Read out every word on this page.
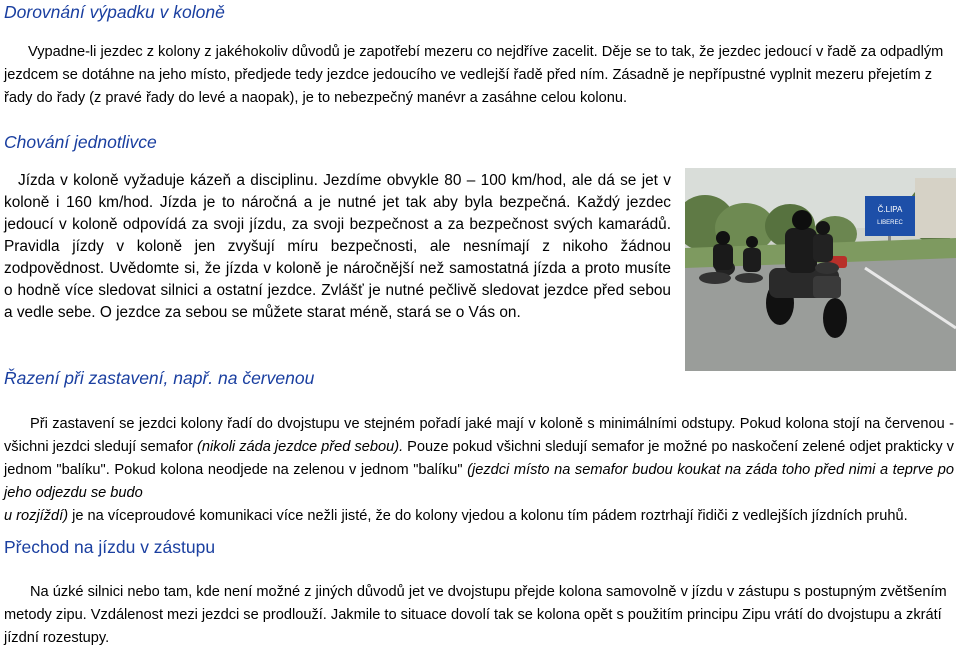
Dorovnání výpadku v koloně

Vypadne-li jezdec z kolony z jakéhokoliv důvodů je zapotřebí mezeru co nejdříve zacelit. Děje se to tak, že jezdec jedoucí v řadě za odpadlým jezdcem se dotáhne na jeho místo, předjede tedy jezdce jedoucího ve vedlejší řadě před ním. Zásadně je nepřípustné vyplnit mezeru přejetím z řady do řady (z pravé řady do levé a naopak), je to nebezpečný manévr a zasáhne celou kolonu.

Chování jednotlivce

Jízda v koloně vyžaduje kázeň a disciplinu. Jezdíme obvykle 80 – 100 km/hod, ale dá se jet v koloně i 160 km/hod. Jízda je to náročná a je nutné jet tak aby byla bezpečná. Každý jezdec jedoucí v koloně odpovídá za svoji jízdu, za svoji bezpečnost a za bezpečnost svých kamarádů. Pravidla jízdy v koloně jen zvyšují míru bezpečnosti, ale nesnímají z nikoho žádnou zodpovědnost. Uvědomte si, že jízda v koloně je náročnější než samostatná jízda a proto musíte o hodně více sledovat silnici a ostatní jezdce. Zvlášť je nutné pečlivě sledovat jezdce před sebou a vedle sebe. O jezdce za sebou se můžete starat méně, stará se o Vás on.

Č.LIPA
LIBEREC
Řazení při zastavení, např. na červenou

Při zastavení se jezdci kolony řadí do dvojstupu ve stejném pořadí jaké mají v koloně s minimálními odstupy. Pokud kolona stojí na červenou - všichni jezdci sledují semafor (nikoli záda jezdce před sebou). Pouze pokud všichni sledují semafor je možné po naskočení zelené odjet prakticky v jednom "balíku". Pokud kolona neodjede na zelenou v jednom "balíku" (jezdci místo na semafor budou koukat na záda toho před nimi a teprve po jeho odjezdu se budo
u rozjíždí) je na víceproudové komunikaci více nežli jisté, že do kolony vjedou a kolonu tím pádem roztrhají řidiči z vedlejších jízdních pruhů.

Přechod na jízdu v zástupu

Na úzké silnici nebo tam, kde není možné z jiných důvodů jet ve dvojstupu přejde kolona samovolně v jízdu v zástupu s postupným zvětšením metody zipu. Vzdálenost mezi jezdci se prodlouží. Jakmile to situace dovolí tak se kolona opět s použitím principu Zipu vrátí do dvojstupu a zkrátí jízdní rozestupy.
